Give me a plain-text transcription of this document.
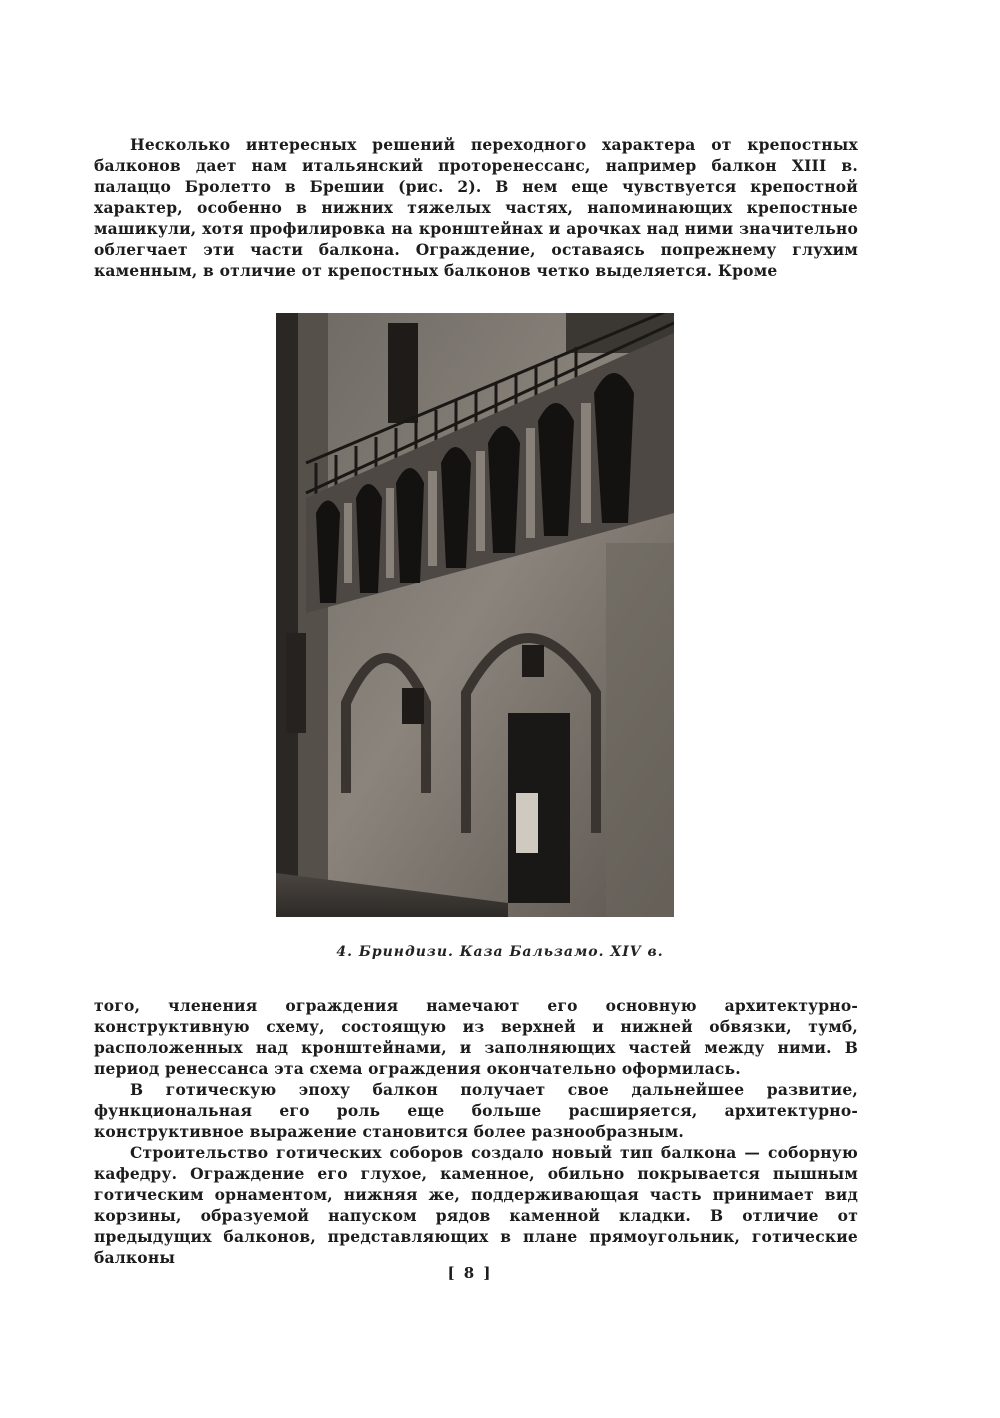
Несколько интересных решений переходного характера от крепостных балконов дает нам итальянский проторенессанс, например балкон XIII в. палаццо Бролетто в Брешии (рис. 2). В нем еще чувствуется крепостной характер, особенно в нижних тяжелых частях, напоминающих крепостные машикули, хотя профилировка на кронштейнах и арочках над ними значительно облегчает эти части балкона. Ограждение, оставаясь попрежнему глухим каменным, в отличие от крепостных балконов четко выделяется. Кроме

4. Бриндизи. Каза Бальзамо. XIV в.

того, членения ограждения намечают его основную архитектурно-конструктивную схему, состоящую из верхней и нижней обвязки, тумб, расположенных над кронштейнами, и заполняющих частей между ними. В период ренессанса эта схема ограждения окончательно оформилась.

В готическую эпоху балкон получает свое дальнейшее развитие, функциональная его роль еще больше расширяется, архитектурно-конструктивное выражение становится более разнообразным.

Строительство готических соборов создало новый тип балкона — соборную кафедру. Ограждение его глухое, каменное, обильно покрывается пышным готическим орнаментом, нижняя же, поддерживающая часть принимает вид корзины, образуемой напуском рядов каменной кладки. В отличие от предыдущих балконов, представляющих в плане прямоугольник, готические балконы

[ 8 ]
